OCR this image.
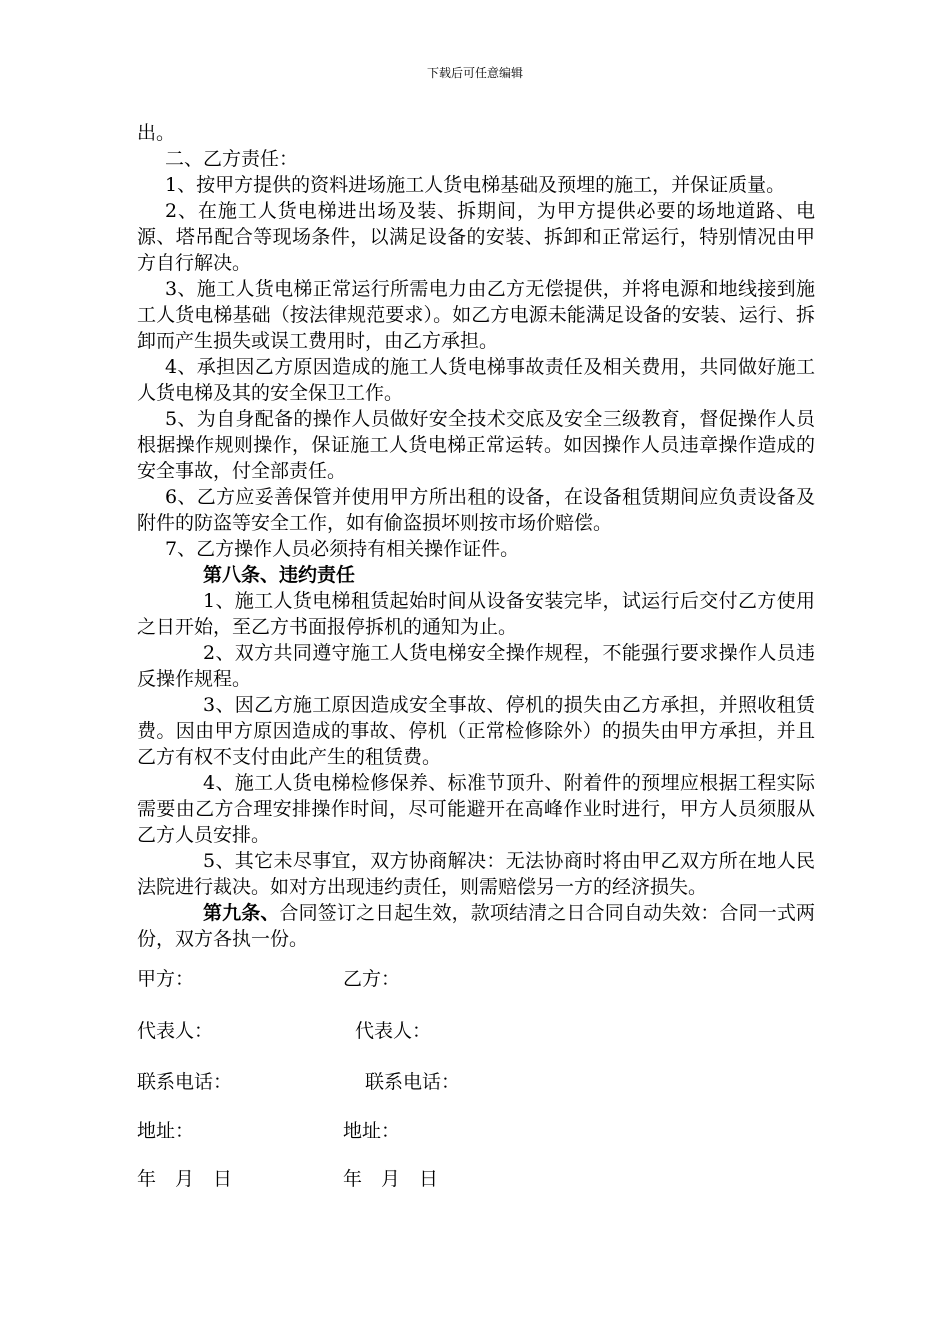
下载后可任意编辑

出。

二、乙方责任：

1、按甲方提供的资料进场施工人货电梯基础及预埋的施工，并保证质量。

2、在施工人货电梯进出场及装、拆期间，为甲方提供必要的场地道路、电源、塔吊配合等现场条件，以满足设备的安装、拆卸和正常运行，特别情况由甲方自行解决。

3、施工人货电梯正常运行所需电力由乙方无偿提供，并将电源和地线接到施工人货电梯基础（按法律规范要求）。如乙方电源未能满足设备的安装、运行、拆卸而产生损失或误工费用时，由乙方承担。

4、承担因乙方原因造成的施工人货电梯事故责任及相关费用，共同做好施工人货电梯及其的安全保卫工作。

5、为自身配备的操作人员做好安全技术交底及安全三级教育，督促操作人员根据操作规则操作，保证施工人货电梯正常运转。如因操作人员违章操作造成的安全事故，付全部责任。

6、乙方应妥善保管并使用甲方所出租的设备，在设备租赁期间应负责设备及附件的防盗等安全工作，如有偷盗损坏则按市场价赔偿。

7、乙方操作人员必须持有相关操作证件。

第八条、违约责任

1、施工人货电梯租赁起始时间从设备安装完毕，试运行后交付乙方使用之日开始，至乙方书面报停拆机的通知为止。

2、双方共同遵守施工人货电梯安全操作规程，不能强行要求操作人员违反操作规程。

3、因乙方施工原因造成安全事故、停机的损失由乙方承担，并照收租赁费。因由甲方原因造成的事故、停机（正常检修除外）的损失由甲方承担，并且乙方有权不支付由此产生的租赁费。

4、施工人货电梯检修保养、标准节顶升、附着件的预埋应根据工程实际需要由乙方合理安排操作时间，尽可能避开在高峰作业时进行，甲方人员须服从乙方人员安排。

5、其它未尽事宜，双方协商解决：无法协商时将由甲乙双方所在地人民法院进行裁决。如对方出现违约责任，则需赔偿另一方的经济损失。

第九条、合同签订之日起生效，款项结清之日合同自动失效：合同一式两份，双方各执一份。

甲方：	乙方：
代表人：	代表人：
联系电话：	联系电话：
地址：	地址：
年　月　日	年　月　日
